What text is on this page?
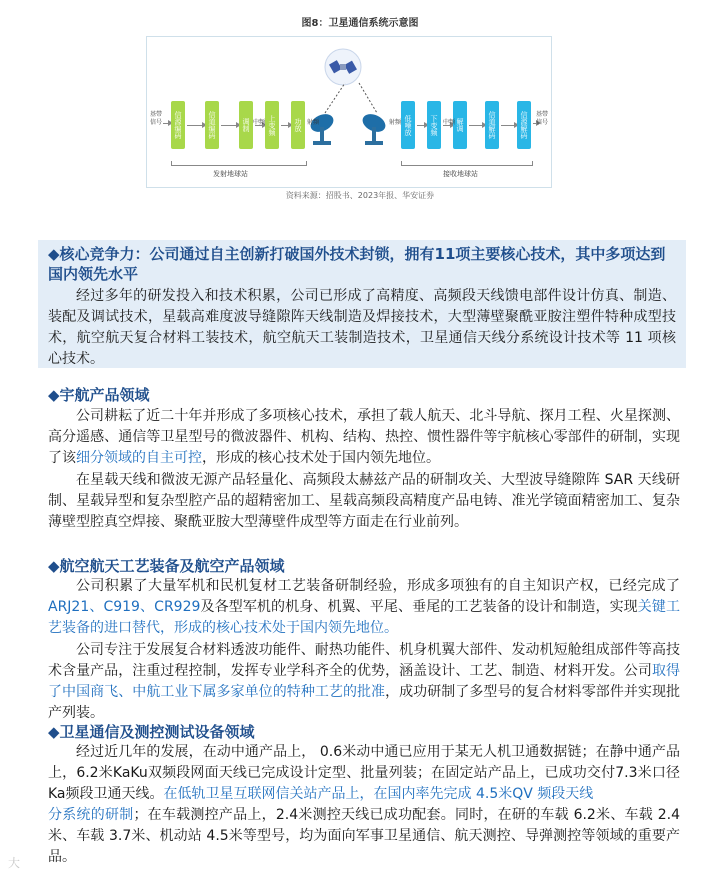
图8：卫星通信系统示意图
基带信号	信源编码	信道编码	调制	上变频	功放
中频	射频	低噪放	下变频	解调	信道解码	信源解码
射频	中频
基带信号
发射地球站	接收地球站
资料来源：招股书、2023年报、华安证券
◆核心竞争力：公司通过自主创新打破国外技术封锁，拥有11项主要核心技术，其中多项达到国内领先水平
经过多年的研发投入和技术积累，公司已形成了高精度、高频段天线馈电部件设计仿真、制造、装配及调试技术，星载高难度波导缝隙阵天线制造及焊接技术，大型薄壁聚酰亚胺注塑件特种成型技术，航空航天复合材料工装技术，航空航天工装制造技术，卫星通信天线分系统设计技术等 11 项核心技术。
◆宇航产品领域
公司耕耘了近二十年并形成了多项核心技术，承担了载人航天、北斗导航、探月工程、火星探测、高分遥感、通信等卫星型号的微波器件、机构、结构、热控、惯性器件等宇航核心零部件的研制，实现了该细分领域的自主可控，形成的核心技术处于国内领先地位。
在星载天线和微波无源产品轻量化、高频段太赫兹产品的研制攻关、大型波导缝隙阵 SAR 天线研制、星载异型和复杂型腔产品的超精密加工、星载高频段高精度产品电铸、准光学镜面精密加工、复杂薄壁型腔真空焊接、聚酰亚胺大型薄壁件成型等方面走在行业前列。
◆航空航天工艺装备及航空产品领域
公司积累了大量军机和民机复材工艺装备研制经验，形成多项独有的自主知识产权，已经完成了ARJ21、C919、CR929及各型军机的机身、机翼、平尾、垂尾的工艺装备的设计和制造，实现关键工艺装备的进口替代，形成的核心技术处于国内领先地位。
公司专注于发展复合材料透波功能件、耐热功能件、机身机翼大部件、发动机短舱组成部件等高技术含量产品，注重过程控制，发挥专业学科齐全的优势，涵盖设计、工艺、制造、材料开发。公司取得了中国商飞、中航工业下属多家单位的特种工艺的批准，成功研制了多型号的复合材料零部件并实现批产列装。
◆卫星通信及测控测试设备领域
经过近几年的发展，在动中通产品上， 0.6米动中通已应用于某无人机卫通数据链；在静中通产品上，6.2米KaKu双频段网面天线已完成设计定型、批量列装；在固定站产品上，已成功交付7.3米口径 Ka频段卫通天线。在低轨卫星互联网信关站产品上，在国内率先完成 4.5米QV 频段天线
分系统的研制；在车载测控产品上，2.4米测控天线已成功配套。同时，在研的车载 6.2米、车载 2.4米、车载 3.7米、机动站 4.5米等型号，均为面向军事卫星通信、航天测控、导弹测控等领域的重要产品。
大
